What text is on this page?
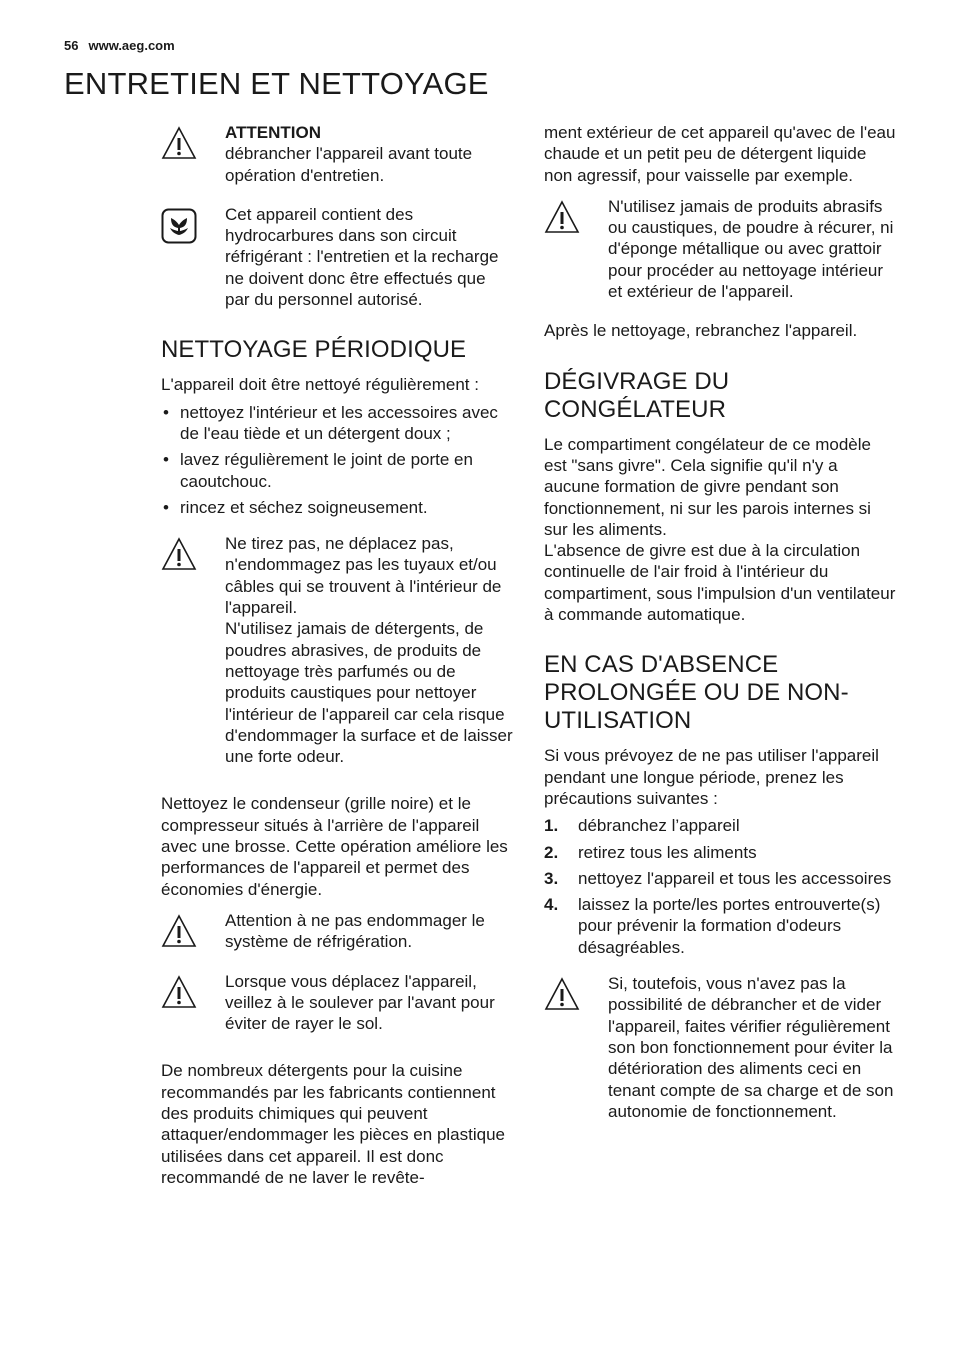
56 www.aeg.com
ENTRETIEN ET NETTOYAGE

ATTENTION

débrancher l'appareil avant toute opération d'entretien.

Cet appareil contient des hydrocarbures dans son circuit réfrigérant : l'entretien et la recharge ne doivent donc être effectués que par du personnel autorisé.

NETTOYAGE PÉRIODIQUE

L'appareil doit être nettoyé régulièrement :

• nettoyez l'intérieur et les accessoires avec de l'eau tiède et un détergent doux ;
• lavez régulièrement le joint de porte en caoutchouc.
• rincez et séchez soigneusement.

Ne tirez pas, ne déplacez pas, n'endommagez pas les tuyaux et/ou câbles qui se trouvent à l'intérieur de l'appareil.

N'utilisez jamais de détergents, de poudres abrasives, de produits de nettoyage très parfumés ou de produits caustiques pour nettoyer l'intérieur de l'appareil car cela risque d'endommager la surface et de laisser une forte odeur.

Nettoyez le condenseur (grille noire) et le compresseur situés à l'arrière de l'appareil avec une brosse. Cette opération améliore les performances de l'appareil et permet des économies d'énergie.

Attention à ne pas endommager le système de réfrigération.

Lorsque vous déplacez l'appareil, veillez à le soulever par l'avant pour éviter de rayer le sol.

De nombreux détergents pour la cuisine recommandés par les fabricants contiennent des produits chimiques qui peuvent attaquer/endommager les pièces en plastique utilisées dans cet appareil. Il est donc recommandé de ne laver le revête-

ment extérieur de cet appareil qu'avec de l'eau chaude et un petit peu de détergent liquide non agressif, pour vaisselle par exemple.

N'utilisez jamais de produits abrasifs ou caustiques, de poudre à récurer, ni d'éponge métallique ou avec grattoir pour procéder au nettoyage intérieur et extérieur de l'appareil.

Après le nettoyage, rebranchez l'appareil.

DÉGIVRAGE DU CONGÉLATEUR

Le compartiment congélateur de ce modèle est "sans givre". Cela signifie qu'il n'y a aucune formation de givre pendant son fonctionnement, ni sur les parois internes si sur les aliments.

L'absence de givre est due à la circulation continuelle de l'air froid à l'intérieur du compartiment, sous l'impulsion d'un ventilateur à commande automatique.

EN CAS D'ABSENCE PROLONGÉE OU DE NON-UTILISATION

Si vous prévoyez de ne pas utiliser l'appareil pendant une longue période, prenez les précautions suivantes :

1. débranchez l’appareil
2. retirez tous les aliments
3. nettoyez l'appareil et tous les accessoires
4. laissez la porte/les portes entrouverte(s) pour prévenir la formation d'odeurs désagréables.

Si, toutefois, vous n'avez pas la possibilité de débrancher et de vider l'appareil, faites vérifier régulièrement son bon fonctionnement pour éviter la détérioration des aliments ceci en tenant compte de sa charge et de son autonomie de fonctionnement.
